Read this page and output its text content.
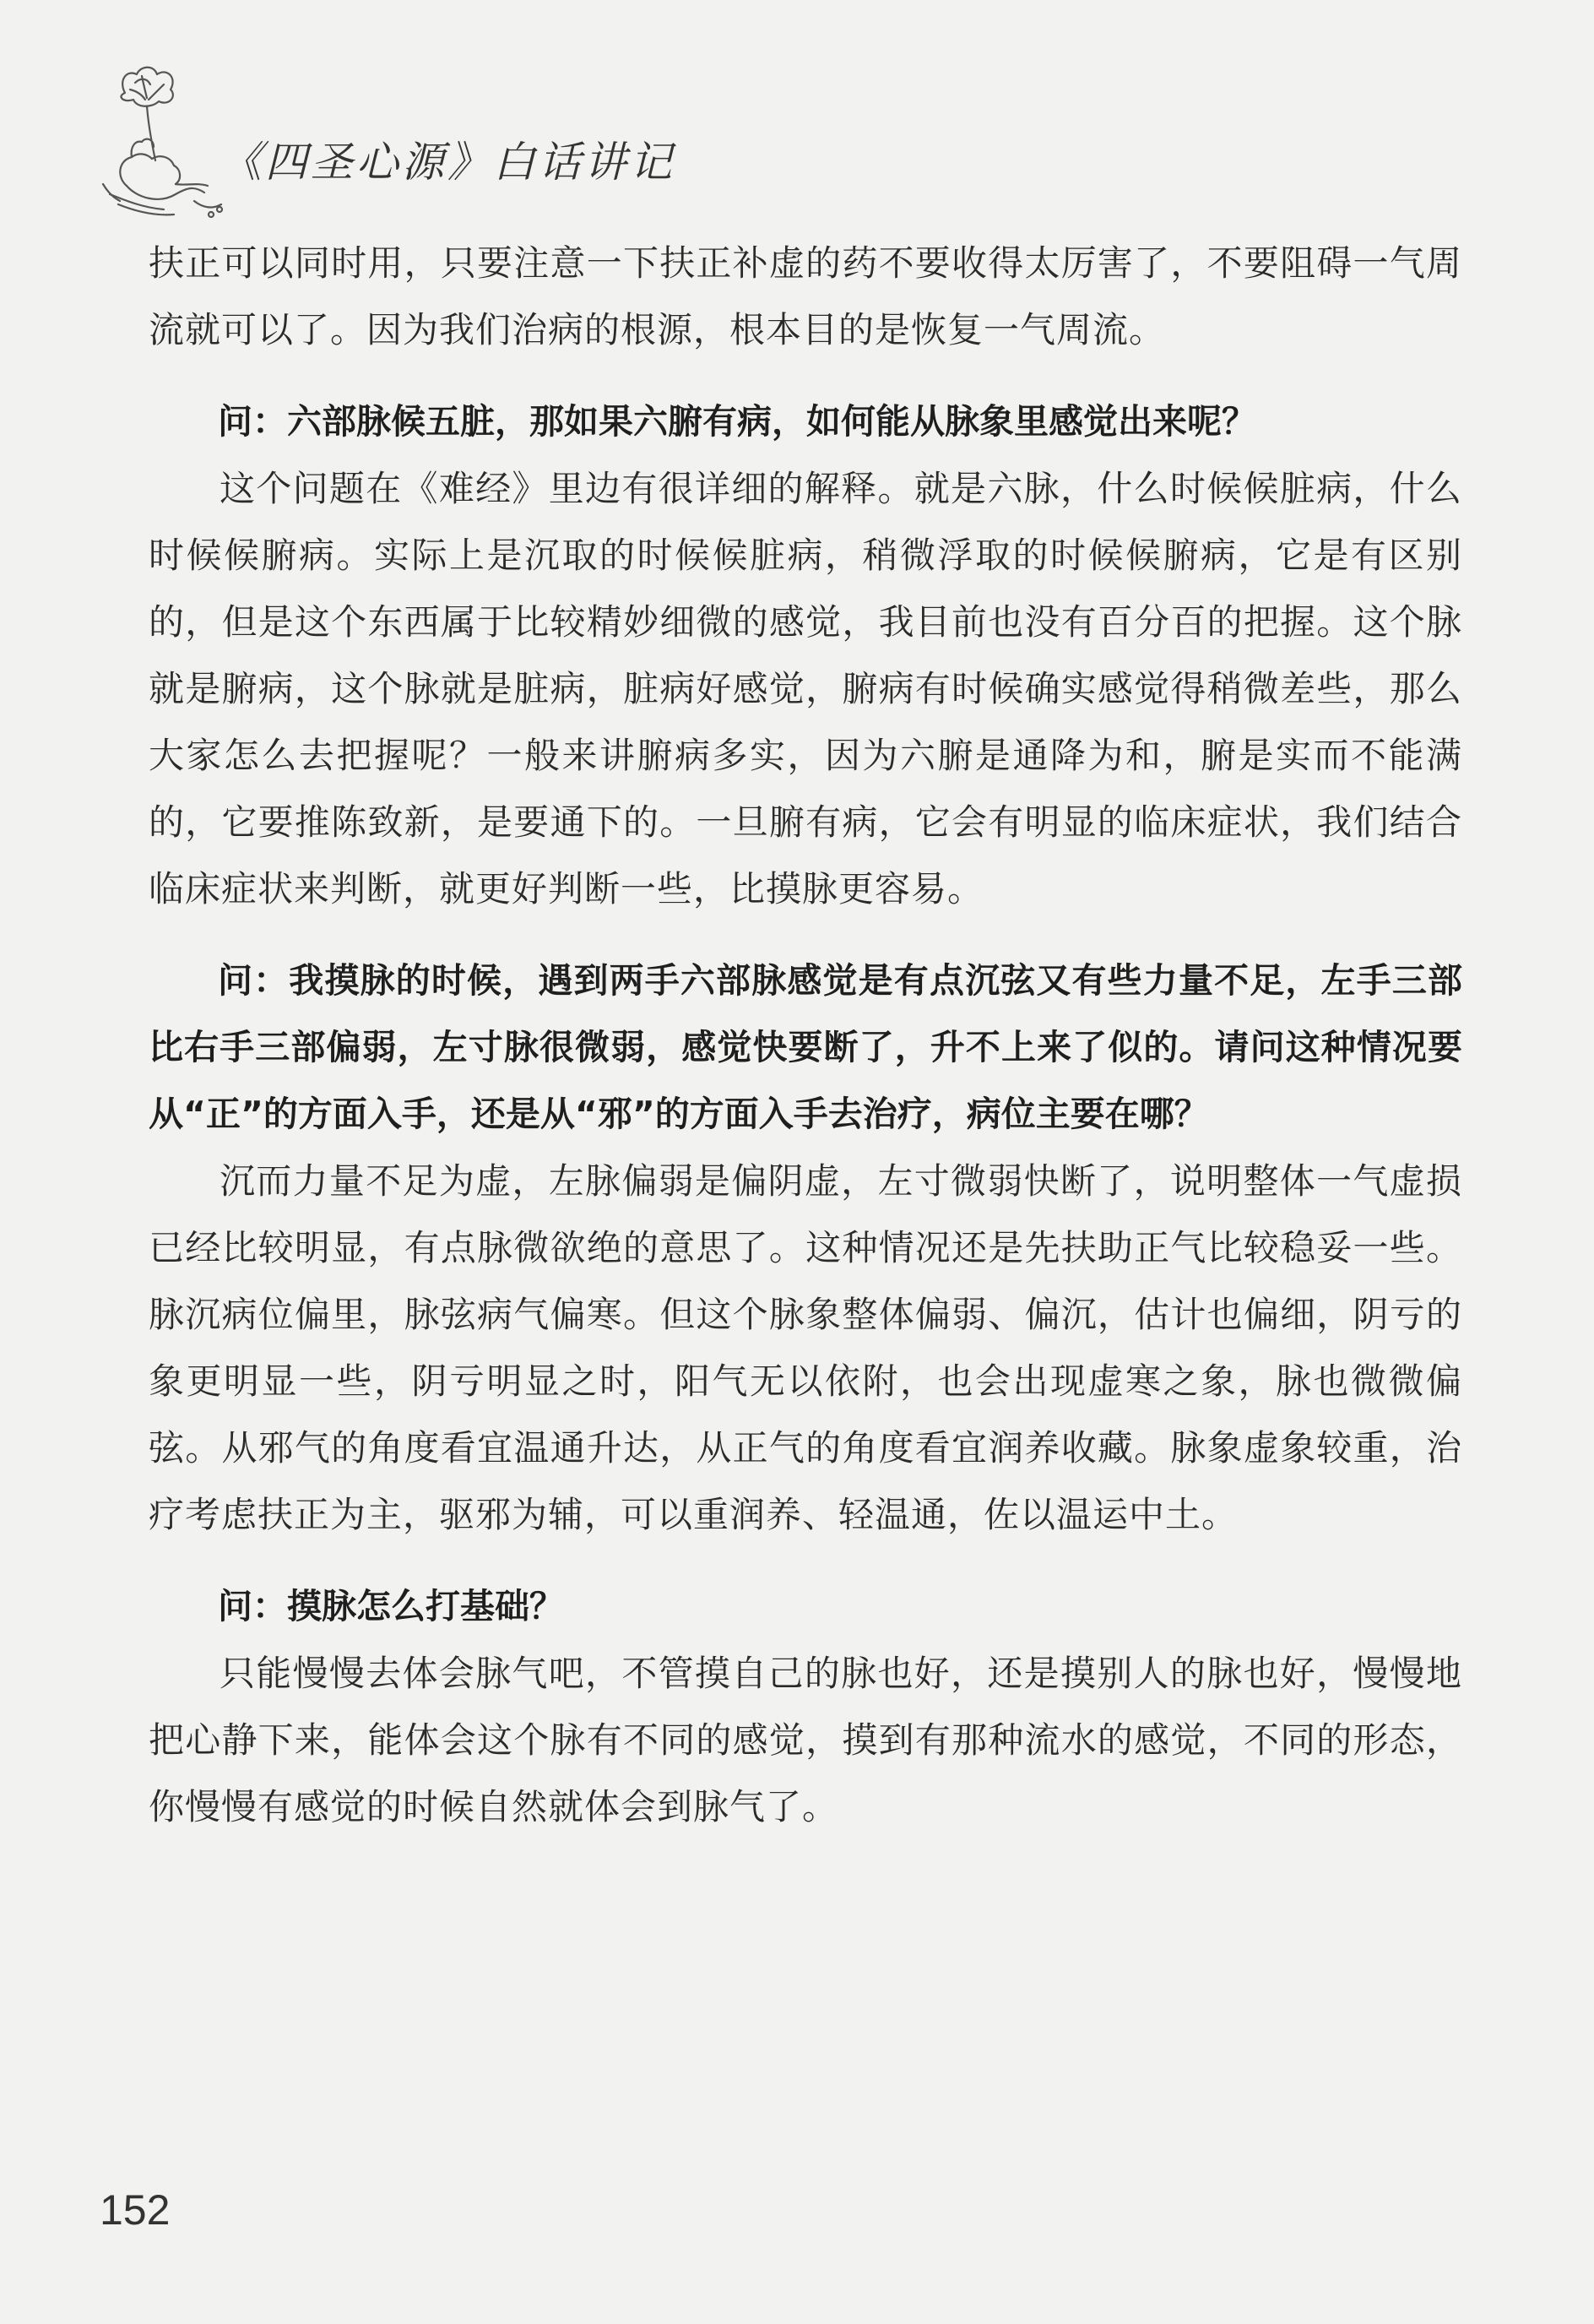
《四圣心源》白话讲记

扶正可以同时用，只要注意一下扶正补虚的药不要收得太厉害了，不要阻碍一气周流就可以了。因为我们治病的根源，根本目的是恢复一气周流。

问：六部脉候五脏，那如果六腑有病，如何能从脉象里感觉出来呢？

这个问题在《难经》里边有很详细的解释。就是六脉，什么时候候脏病，什么时候候腑病。实际上是沉取的时候候脏病，稍微浮取的时候候腑病，它是有区别的，但是这个东西属于比较精妙细微的感觉，我目前也没有百分百的把握。这个脉就是腑病，这个脉就是脏病，脏病好感觉，腑病有时候确实感觉得稍微差些，那么大家怎么去把握呢？一般来讲腑病多实，因为六腑是通降为和，腑是实而不能满的，它要推陈致新，是要通下的。一旦腑有病，它会有明显的临床症状，我们结合临床症状来判断，就更好判断一些，比摸脉更容易。

问：我摸脉的时候，遇到两手六部脉感觉是有点沉弦又有些力量不足，左手三部比右手三部偏弱，左寸脉很微弱，感觉快要断了，升不上来了似的。请问这种情况要从“正”的方面入手，还是从“邪”的方面入手去治疗，病位主要在哪？

沉而力量不足为虚，左脉偏弱是偏阴虚，左寸微弱快断了，说明整体一气虚损已经比较明显，有点脉微欲绝的意思了。这种情况还是先扶助正气比较稳妥一些。脉沉病位偏里，脉弦病气偏寒。但这个脉象整体偏弱、偏沉，估计也偏细，阴亏的象更明显一些，阴亏明显之时，阳气无以依附，也会出现虚寒之象，脉也微微偏弦。从邪气的角度看宜温通升达，从正气的角度看宜润养收藏。脉象虚象较重，治疗考虑扶正为主，驱邪为辅，可以重润养、轻温通，佐以温运中土。

问：摸脉怎么打基础？

只能慢慢去体会脉气吧，不管摸自己的脉也好，还是摸别人的脉也好，慢慢地把心静下来，能体会这个脉有不同的感觉，摸到有那种流水的感觉，不同的形态，你慢慢有感觉的时候自然就体会到脉气了。

152
